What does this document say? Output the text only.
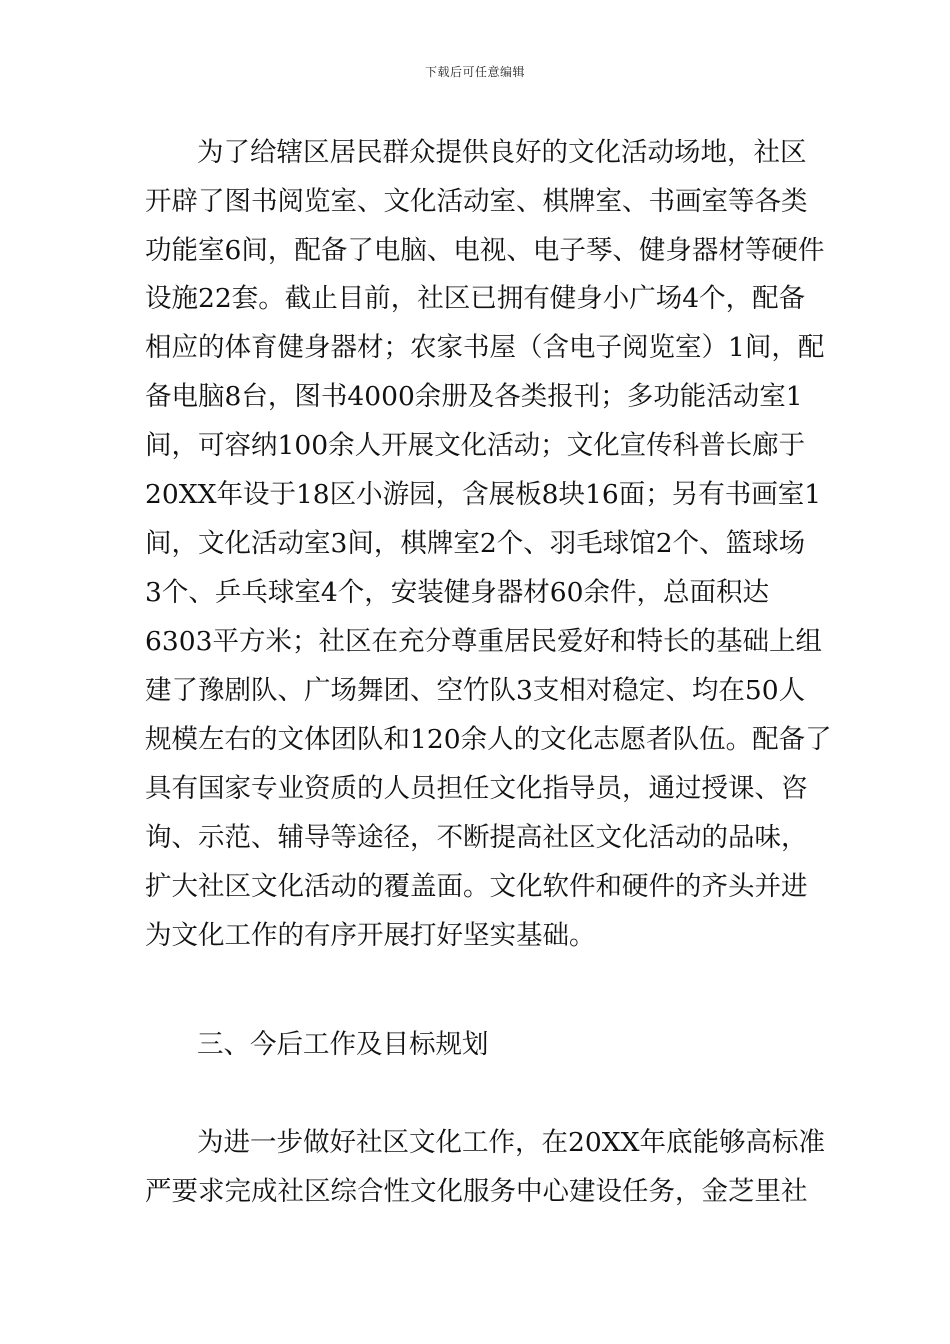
下载后可任意编辑
为了给辖区居民群众提供良好的文化活动场地，社区
开辟了图书阅览室、文化活动室、棋牌室、书画室等各类
功能室6间，配备了电脑、电视、电子琴、健身器材等硬件
设施22套。截止目前，社区已拥有健身小广场4个，配备
相应的体育健身器材；农家书屋（含电子阅览室）1间，配
备电脑8台，图书4000余册及各类报刊；多功能活动室1
间，可容纳100余人开展文化活动；文化宣传科普长廊于
20XX年设于18区小游园，含展板8块16面；另有书画室1
间，文化活动室3间，棋牌室2个、羽毛球馆2个、篮球场
3个、乒乓球室4个，安装健身器材60余件，总面积达
6303平方米；社区在充分尊重居民爱好和特长的基础上组
建了豫剧队、广场舞团、空竹队3支相对稳定、均在50人
规模左右的文体团队和120余人的文化志愿者队伍。配备了
具有国家专业资质的人员担任文化指导员，通过授课、咨
询、示范、辅导等途径，不断提高社区文化活动的品味，
扩大社区文化活动的覆盖面。文化软件和硬件的齐头并进
为文化工作的有序开展打好坚实基础。
三、今后工作及目标规划
为进一步做好社区文化工作，在20XX年底能够高标准
严要求完成社区综合性文化服务中心建设任务，金芝里社
